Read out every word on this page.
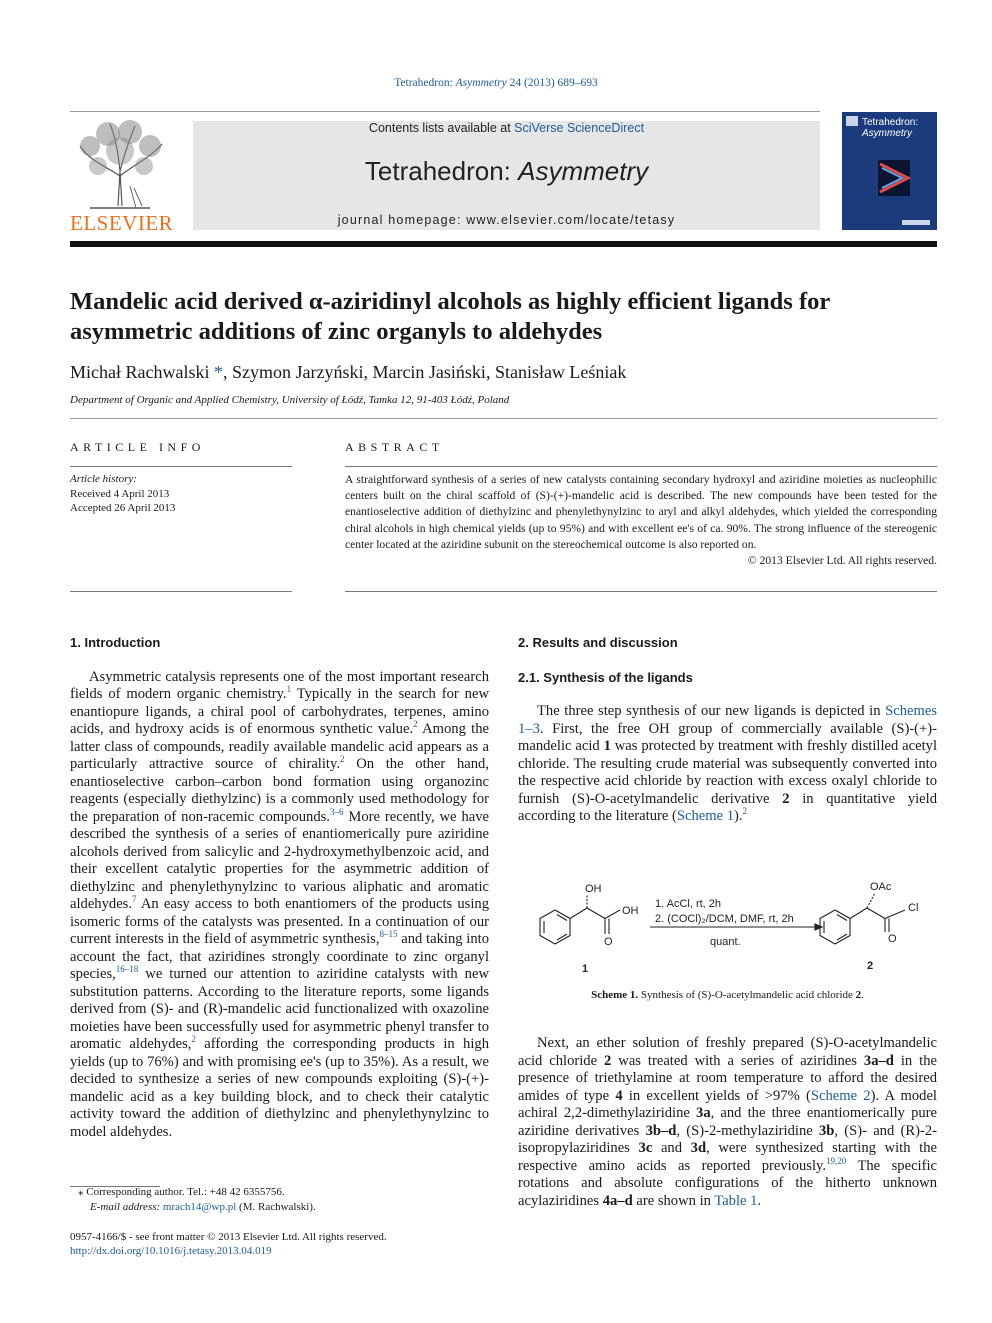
Tetrahedron: Asymmetry 24 (2013) 689–693
ELSEVIER
Contents lists available at SciVerse ScienceDirect
Tetrahedron: Asymmetry
journal homepage: www.elsevier.com/locate/tetasy
Tetrahedron:
Asymmetry
Mandelic acid derived α-aziridinyl alcohols as highly efficient ligands for asymmetric additions of zinc organyls to aldehydes
Michał Rachwalski *, Szymon Jarzyński, Marcin Jasiński, Stanisław Leśniak
Department of Organic and Applied Chemistry, University of Łódź, Tamka 12, 91-403 Łódź, Poland
ARTICLE INFO	ABSTRACT
Article history:
Received 4 April 2013
Accepted 26 April 2013
A straightforward synthesis of a series of new catalysts containing secondary hydroxyl and aziridine moieties as nucleophilic centers built on the chiral scaffold of (S)-(+)-mandelic acid is described. The new compounds have been tested for the enantioselective addition of diethylzinc and phenylethynylzinc to aryl and alkyl aldehydes, which yielded the corresponding chiral alcohols in high chemical yields (up to 95%) and with excellent ee's of ca. 90%. The strong influence of the stereogenic center located at the aziridine subunit on the stereochemical outcome is also reported on.
© 2013 Elsevier Ltd. All rights reserved.
1. Introduction

Asymmetric catalysis represents one of the most important research fields of modern organic chemistry.$^1$ Typically in the search for new enantiopure ligands, a chiral pool of carbohydrates, terpenes, amino acids, and hydroxy acids is of enormous synthetic value.$^2$ Among the latter class of compounds, readily available mandelic acid appears as a particularly attractive source of chirality.$^2$ On the other hand, enantioselective carbon–carbon bond formation using organozinc reagents (especially diethylzinc) is a commonly used methodology for the preparation of non-racemic compounds.$^{3-6}$ More recently, we have described the synthesis of a series of enantiomerically pure aziridine alcohols derived from salicylic and 2-hydroxymethylbenzoic acid, and their excellent catalytic properties for the asymmetric addition of diethylzinc and phenylethynylzinc to various aliphatic and aromatic aldehydes.$^7$ An easy access to both enantiomers of the products using isomeric forms of the catalysts was presented. In a continuation of our current interests in the field of asymmetric synthesis,$^{8-15}$ and taking into account the fact, that aziridines strongly coordinate to zinc organyl species,$^{16-18}$ we turned our attention to aziridine catalysts with new substitution patterns. According to the literature reports, some ligands derived from (S)- and (R)-mandelic acid functionalized with oxazoline moieties have been successfully used for asymmetric phenyl transfer to aromatic aldehydes,$^2$ affording the corresponding products in high yields (up to 76%) and with promising ee's (up to 35%). As a result, we decided to synthesize a series of new compounds exploiting (S)-(+)-mandelic acid as a key building block, and to check their catalytic activity toward the addition of diethylzinc and phenylethynylzinc to model aldehydes.

⁎ Corresponding author. Tel.: +48 42 6355756.
E-mail address: mrach14@wp.pl (M. Rachwalski).
0957-4166/$ - see front matter © 2013 Elsevier Ltd. All rights reserved.
http://dx.doi.org/10.1016/j.tetasy.2013.04.019
2. Results and discussion
2.1. Synthesis of the ligands

The three step synthesis of our new ligands is depicted in Schemes 1–3. First, the free OH group of commercially available (S)-(+)-mandelic acid 1 was protected by treatment with freshly distilled acetyl chloride. The resulting crude material was subsequently converted into the respective acid chloride by reaction with excess oxalyl chloride to furnish (S)-O-acetylmandelic derivative 2 in quantitative yield according to the literature (Scheme 1).$^2$

OH
OH
O
1. AcCl, rt, 2h
2. (COCl)₂/DCM, DMF, rt, 2h
quant.
OAc
Cl
O
1	2
Scheme 1. Synthesis of (S)-O-acetylmandelic acid chloride 2.

Next, an ether solution of freshly prepared (S)-O-acetylmandelic acid chloride 2 was treated with a series of aziridines 3a–d in the presence of triethylamine at room temperature to afford the desired amides of type 4 in excellent yields of >97% (Scheme 2). A model achiral 2,2-dimethylaziridine 3a, and the three enantiomerically pure aziridine derivatives 3b–d, (S)-2-methylaziridine 3b, (S)- and (R)-2-isopropylaziridines 3c and 3d, were synthesized starting with the respective amino acids as reported previously.$^{19,20}$ The specific rotations and absolute configurations of the hitherto unknown acylaziridines 4a–d are shown in Table 1.
